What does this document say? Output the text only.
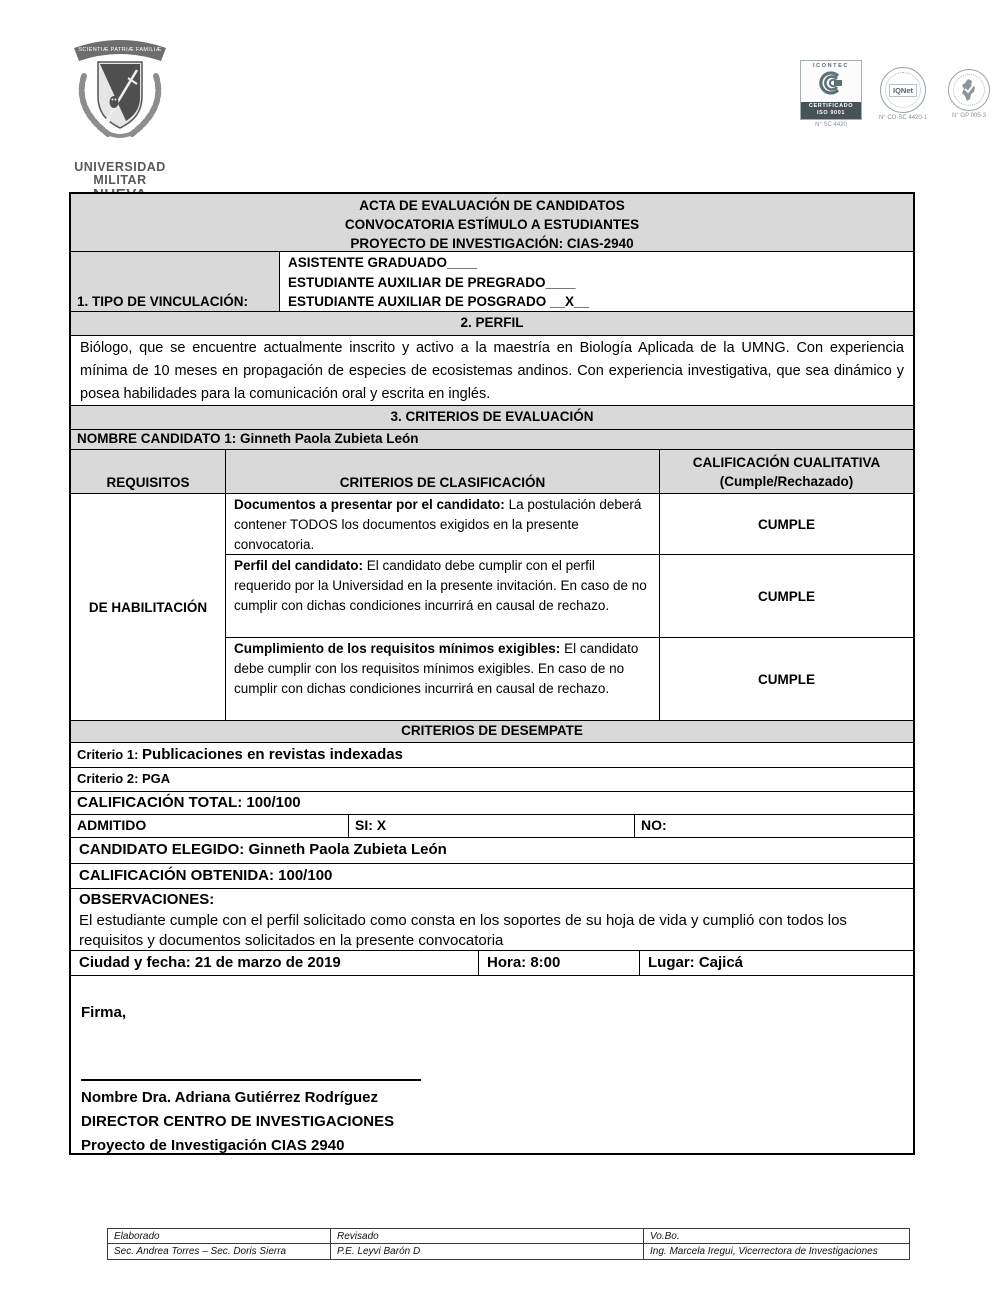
SCIENTIÆ PATRIÆ FAMILIÆ
UNIVERSIDAD MILITAR
ICONTEC
CERTIFICADO
ISO 9001
N° SC 4420
IQNet
N° CO-SC 4420-1	N° GP 005-3
ACTA DE EVALUACIÓN DE CANDIDATOS
CONVOCATORIA ESTÍMULO A ESTUDIANTES
PROYECTO DE INVESTIGACIÓN: CIAS-2940
1. TIPO DE VINCULACIÓN:
ASISTENTE GRADUADO____
ESTUDIANTE AUXILIAR DE PREGRADO____
ESTUDIANTE AUXILIAR DE POSGRADO __X__
2. PERFIL
Biólogo, que se encuentre actualmente inscrito y activo a la maestría en Biología Aplicada de la UMNG. Con experiencia mínima de 10 meses en propagación de especies de ecosistemas andinos. Con experiencia investigativa, que sea dinámico y posea habilidades para la comunicación oral y escrita en inglés.
3. CRITERIOS DE EVALUACIÓN
NOMBRE CANDIDATO 1: Ginneth Paola Zubieta León
REQUISITOS	CRITERIOS DE CLASIFICACIÓN
CALIFICACIÓN CUALITATIVA
(Cumple/Rechazado)
DE HABILITACIÓN
Documentos a presentar por el candidato: La postulación deberá contener TODOS los documentos exigidos en la presente convocatoria.
CUMPLE
Perfil del candidato: El candidato debe cumplir con el perfil requerido por la Universidad en la presente invitación. En caso de no cumplir con dichas condiciones incurrirá en causal de rechazo.
CUMPLE
Cumplimiento de los requisitos mínimos exigibles: El candidato debe cumplir con los requisitos mínimos exigibles. En caso de no cumplir con dichas condiciones incurrirá en causal de rechazo.
CUMPLE
CRITERIOS DE DESEMPATE
Criterio 1: Publicaciones en revistas indexadas
Criterio 2: PGA
CALIFICACIÓN TOTAL: 100/100
ADMITIDO	SI: X	NO:
CANDIDATO ELEGIDO: Ginneth Paola Zubieta León
CALIFICACIÓN OBTENIDA: 100/100
OBSERVACIONES:
El estudiante cumple con el perfil solicitado como consta en los soportes de su hoja de vida y cumplió con todos los requisitos y documentos solicitados en la presente convocatoria
Ciudad y fecha: 21 de marzo de 2019	Hora: 8:00	Lugar: Cajicá
Firma,
Nombre Dra. Adriana Gutiérrez Rodríguez
DIRECTOR CENTRO DE INVESTIGACIONES
Proyecto de Investigación CIAS 2940
Elaborado	Revisado	Vo.Bo.
Sec. Andrea Torres – Sec. Doris Sierra	P.E. Leyvi Barón D	Ing. Marcela Iregui, Vicerrectora de Investigaciones
